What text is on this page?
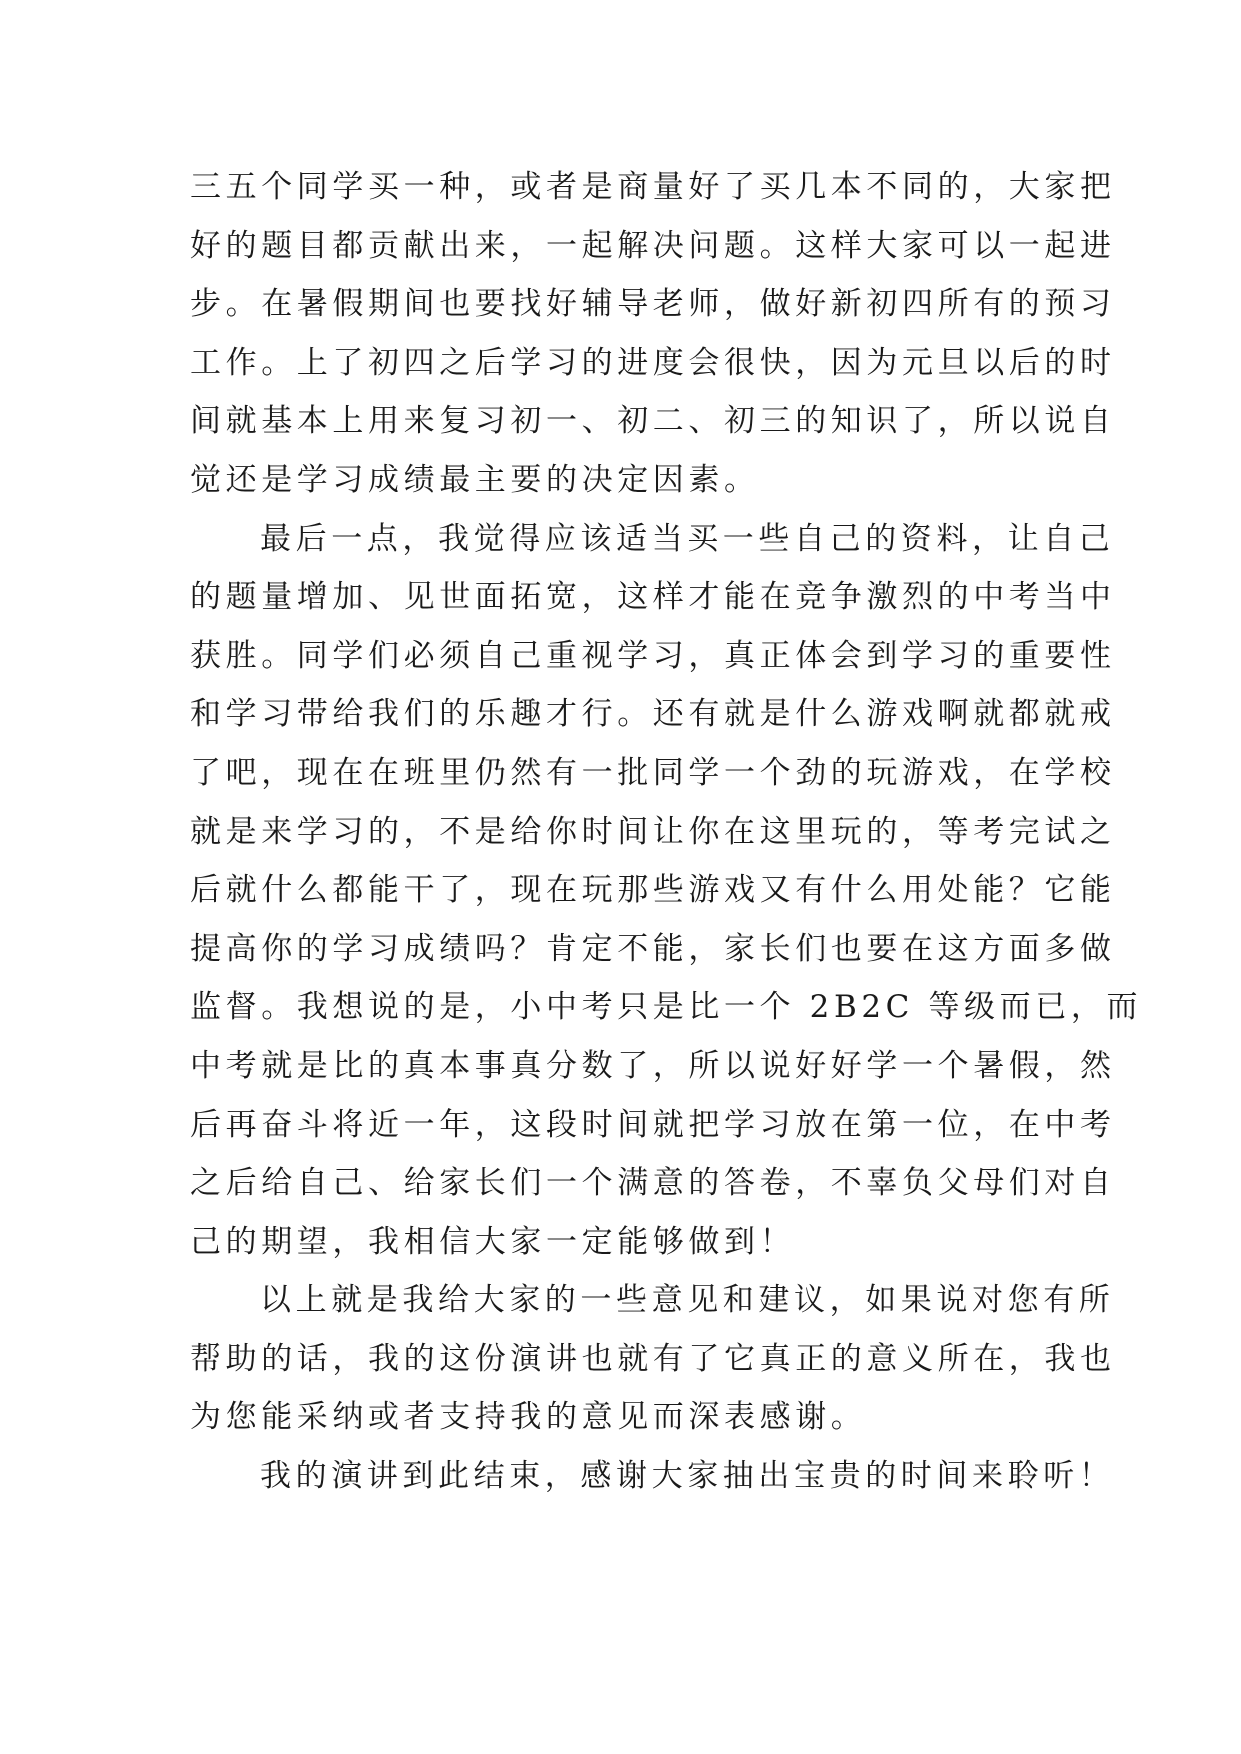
三五个同学买一种，或者是商量好了买几本不同的，大家把
好的题目都贡献出来，一起解决问题。这样大家可以一起进
步。在暑假期间也要找好辅导老师，做好新初四所有的预习
工作。上了初四之后学习的进度会很快，因为元旦以后的时
间就基本上用来复习初一、初二、初三的知识了，所以说自
觉还是学习成绩最主要的决定因素。
最后一点，我觉得应该适当买一些自己的资料，让自己
的题量增加、见世面拓宽，这样才能在竞争激烈的中考当中
获胜。同学们必须自己重视学习，真正体会到学习的重要性
和学习带给我们的乐趣才行。还有就是什么游戏啊就都就戒
了吧，现在在班里仍然有一批同学一个劲的玩游戏，在学校
就是来学习的，不是给你时间让你在这里玩的，等考完试之
后就什么都能干了，现在玩那些游戏又有什么用处能？它能
提高你的学习成绩吗？肯定不能，家长们也要在这方面多做
监督。我想说的是，小中考只是比一个 2B2C 等级而已，而
中考就是比的真本事真分数了，所以说好好学一个暑假，然
后再奋斗将近一年，这段时间就把学习放在第一位，在中考
之后给自己、给家长们一个满意的答卷，不辜负父母们对自
己的期望，我相信大家一定能够做到！
以上就是我给大家的一些意见和建议，如果说对您有所
帮助的话，我的这份演讲也就有了它真正的意义所在，我也
为您能采纳或者支持我的意见而深表感谢。
我的演讲到此结束，感谢大家抽出宝贵的时间来聆听！
